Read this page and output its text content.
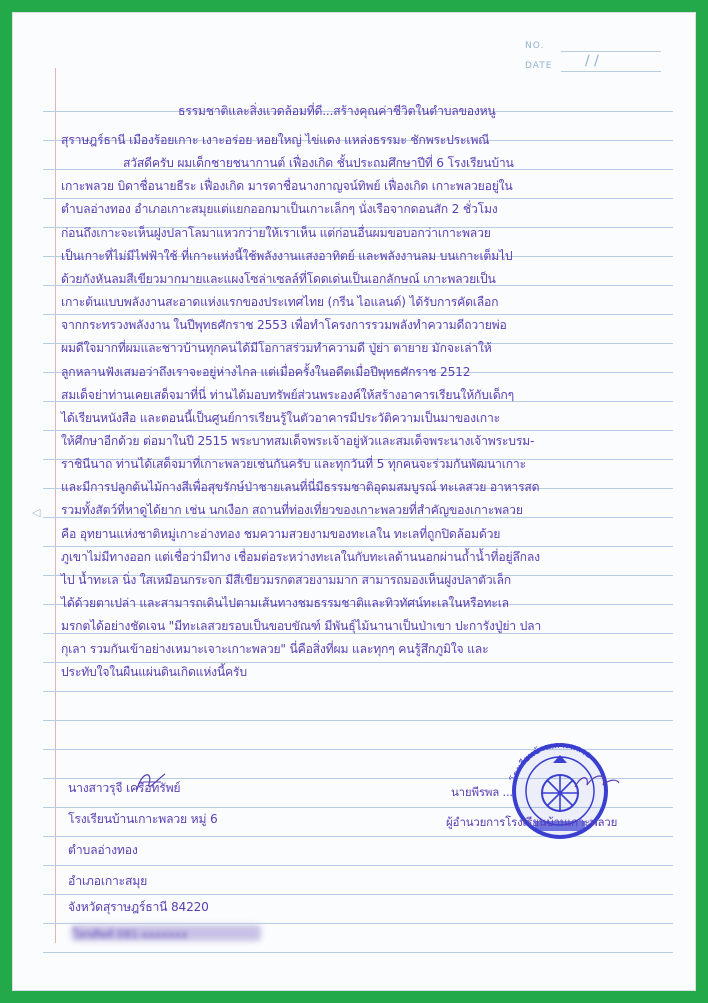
NO.
DATE / /
ธรรมชาติและสิ่งแวดล้อมที่ดี...สร้างคุณค่าชีวิตในตำบลของหนู
สุราษฎร์ธานี เมืองร้อยเกาะ เงาะอร่อย หอยใหญ่ ไข่แดง แหล่งธรรมะ ชักพระประเพณี
สวัสดีครับ ผมเด็กชายชนากานต์ เฟื่องเกิด ชั้นประถมศึกษาปีที่ 6 โรงเรียนบ้าน
เกาะพลวย บิดาชื่อนายธีระ เฟื่องเกิด มารดาชื่อนางกาญจน์ทิพย์ เฟื่องเกิด เกาะพลวยอยู่ใน
ตำบลอ่างทอง อำเภอเกาะสมุยแต่แยกออกมาเป็นเกาะเล็กๆ นั่งเรือจากดอนสัก 2 ชั่วโมง
ก่อนถึงเกาะจะเห็นฝูงปลาโลมาแหวกว่ายให้เราเห็น แต่ก่อนอื่นผมขอบอกว่าเกาะพลวย
เป็นเกาะที่ไม่มีไฟฟ้าใช้ ที่เกาะแห่งนี้ใช้พลังงานแสงอาทิตย์ และพลังงานลม บนเกาะเต็มไป
ด้วยกังหันลมสีเขียวมากมายและแผงโซล่าเซลล์ที่โดดเด่นเป็นเอกลักษณ์ เกาะพลวยเป็น
เกาะต้นแบบพลังงานสะอาดแห่งแรกของประเทศไทย (กรีน ไอแลนด์) ได้รับการคัดเลือก
จากกระทรวงพลังงาน ในปีพุทธศักราช 2553 เพื่อทำโครงการรวมพลังทำความดีถวายพ่อ
ผมดีใจมากที่ผมและชาวบ้านทุกคนได้มีโอกาสร่วมทำความดี ปู่ย่า ตายาย มักจะเล่าให้
ลูกหลานฟังเสมอว่าถึงเราจะอยู่ห่างไกล แต่เมื่อครั้งในอดีตเมื่อปีพุทธศักราช 2512
สมเด็จย่าท่านเคยเสด็จมาที่นี่ ท่านได้มอบทรัพย์ส่วนพระองค์ให้สร้างอาคารเรียนให้กับเด็กๆ
ได้เรียนหนังสือ และตอนนี้เป็นศูนย์การเรียนรู้ในตัวอาคารมีประวัติความเป็นมาของเกาะ
ให้ศึกษาอีกด้วย ต่อมาในปี 2515 พระบาทสมเด็จพระเจ้าอยู่หัวและสมเด็จพระนางเจ้าพระบรม-
ราชินีนาถ ท่านได้เสด็จมาที่เกาะพลวยเช่นกันครับ และทุกวันที่ 5 ทุกคนจะร่วมกันพัฒนาเกาะ
และมีการปลูกต้นไม้กางสีเพื่อสุขรักษ์ป่าชายเลนที่นี่มีธรรมชาติอุดมสมบูรณ์ ทะเลสวย อาหารสด
รวมทั้งสัตว์ที่หาดูได้ยาก เช่น นกเงือก สถานที่ท่องเที่ยวของเกาะพลวยที่สำคัญของเกาะพลวย
คือ อุทยานแห่งชาติหมู่เกาะอ่างทอง ชมความสวยงามของทะเลใน ทะเลที่ถูกปิดล้อมด้วย
ภูเขาไม่มีทางออก แต่เชื่อว่ามีทาง เชื่อมต่อระหว่างทะเลในกับทะเลด้านนอกผ่านถ้ำน้ำที่อยู่ลึกลง
ไป น้ำทะเล นิ่ง ใสเหมือนกระจก มีสีเขียวมรกตสวยงามมาก สามารถมองเห็นฝูงปลาตัวเล็ก
ได้ด้วยตาเปล่า และสามารถเดินไปตามเส้นทางชมธรรมชาติและทิวทัศน์ทะเลในหรือทะเล
มรกตได้อย่างชัดเจน "มีทะเลสวยรอบเป็นขอบขัณฑ์ มีพันธุ์ไม้นานาเป็นป่าเขา ปะการังปู่ย่า ปลา
กุเลา รวมกันเข้าอย่างเหมาะเจาะเกาะพลวย" นี่คือสิ่งที่ผม และทุกๆ คนรู้สึกภูมิใจ และ
ประทับใจในผืนแผ่นดินเกิดแห่งนี้ครับ
◁
นางสาวรุจี เครือทรัพย์
โรงเรียนบ้านเกาะพลวย หมู่ 6
ตำบลอ่างทอง
อำเภอเกาะสมุย
จังหวัดสุราษฎร์ธานี 84220
โทรศัพท์ 081-xxxxxxx
โรงเรียนบ้านเกาะพลวย
นายพีรพล ...
ผู้อำนวยการโรงเรียนบ้านเกาะพลวย
